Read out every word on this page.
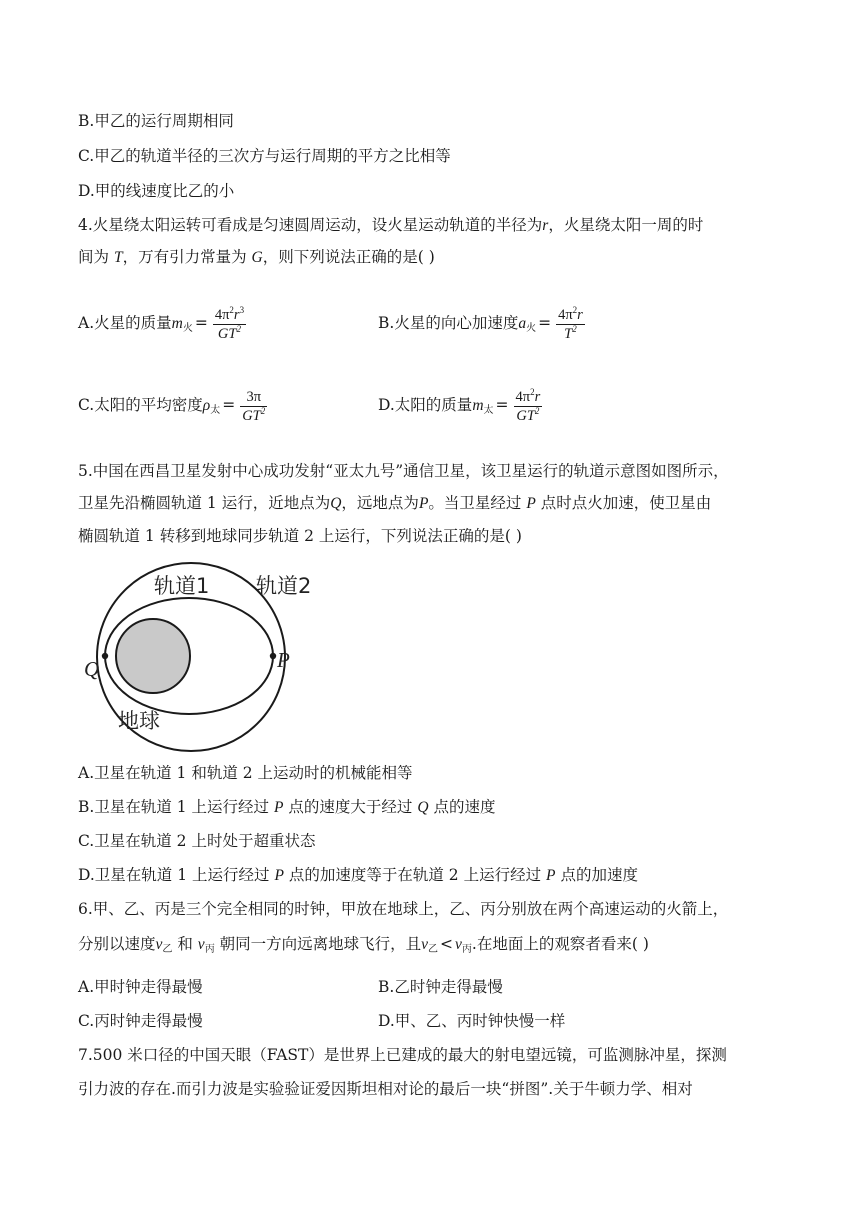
B.甲乙的运行周期相同
C.甲乙的轨道半径的三次方与运行周期的平方之比相等
D.甲的线速度比乙的小
4.火星绕太阳运转可看成是匀速圆周运动，设火星运动轨道的半径为r，火星绕太阳一周的时
间为 T，万有引力常量为 G，则下列说法正确的是( )
A.火星的质量$m_火 = \frac{4\pi^2r^3}{GT^2}$	B.火星的向心加速度$a_火 = \frac{4\pi^2r}{T^2}$
C.太阳的平均密度$\rho_太 = \frac{3\pi}{GT^2}$	D.太阳的质量$m_太 = \frac{4\pi^2r}{GT^2}$
5.中国在西昌卫星发射中心成功发射“亚太九号”通信卫星，该卫星运行的轨道示意图如图所示，
卫星先沿椭圆轨道 1 运行，近地点为Q，远地点为P。当卫星经过 P 点时点火加速，使卫星由
椭圆轨道 1 转移到地球同步轨道 2 上运行，下列说法正确的是( )
轨道1 轨道2
地球
Q	P
A.卫星在轨道 1 和轨道 2 上运动时的机械能相等
B.卫星在轨道 1 上运行经过 P 点的速度大于经过 Q 点的速度
C.卫星在轨道 2 上时处于超重状态
D.卫星在轨道 1 上运行经过 P 点的加速度等于在轨道 2 上运行经过 P 点的加速度
6.甲、乙、丙是三个完全相同的时钟，甲放在地球上，乙、丙分别放在两个高速运动的火箭上，
分别以速度$v_乙$ 和 $v_丙$ 朝同一方向远离地球飞行，且$v_乙 < v_丙$.在地面上的观察者看来( )
A.甲时钟走得最慢	B.乙时钟走得最慢
C.丙时钟走得最慢	D.甲、乙、丙时钟快慢一样
7.500 米口径的中国天眼（FAST）是世界上已建成的最大的射电望远镜，可监测脉冲星，探测
引力波的存在.而引力波是实验验证爱因斯坦相对论的最后一块“拼图”.关于牛顿力学、相对
